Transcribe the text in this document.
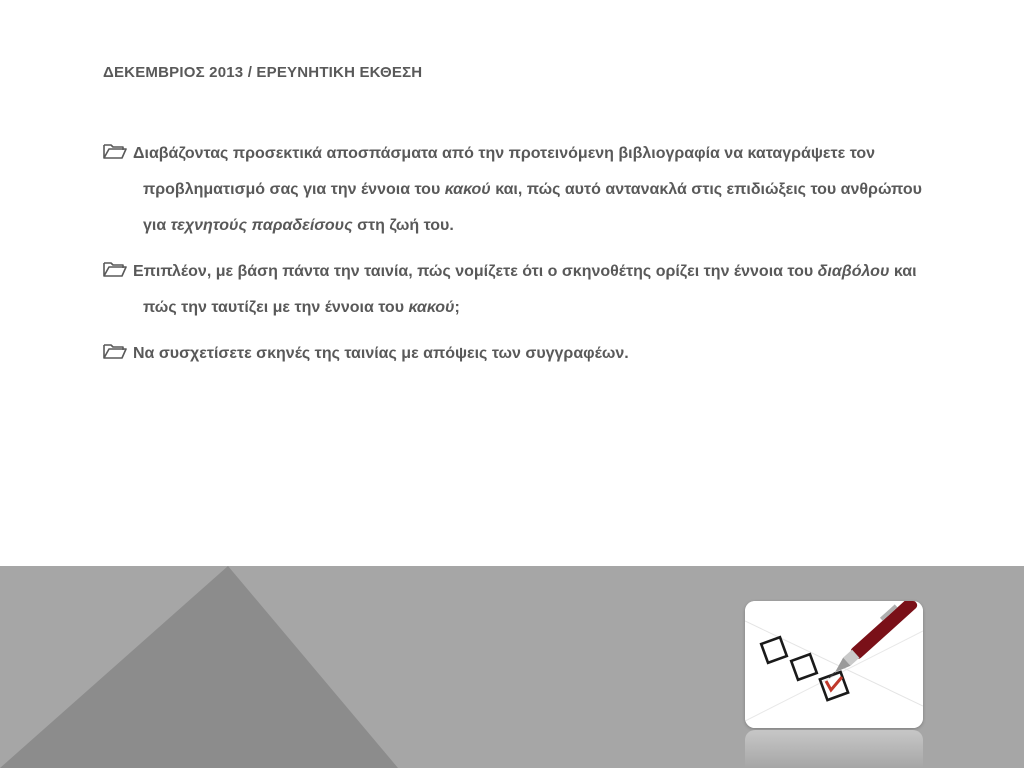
ΔΕΚΕΜΒΡΙΟΣ 2013 / ΕΡΕΥΝΗΤΙΚΗ ΕΚΘΕΣΗ
Διαβάζοντας προσεκτικά αποσπάσματα από την προτεινόμενη βιβλιογραφία να καταγράψετε τον προβληματισμό σας για την έννοια του κακού και, πώς αυτό αντανακλά στις επιδιώξεις του ανθρώπου για τεχνητούς παραδείσους στη ζωή του.
Επιπλέον, με βάση πάντα την ταινία, πώς νομίζετε ότι ο σκηνοθέτης ορίζει την έννοια του διαβόλου και πώς την ταυτίζει με την έννοια του κακού;
Να συσχετίσετε σκηνές της ταινίας με απόψεις των συγγραφέων.
